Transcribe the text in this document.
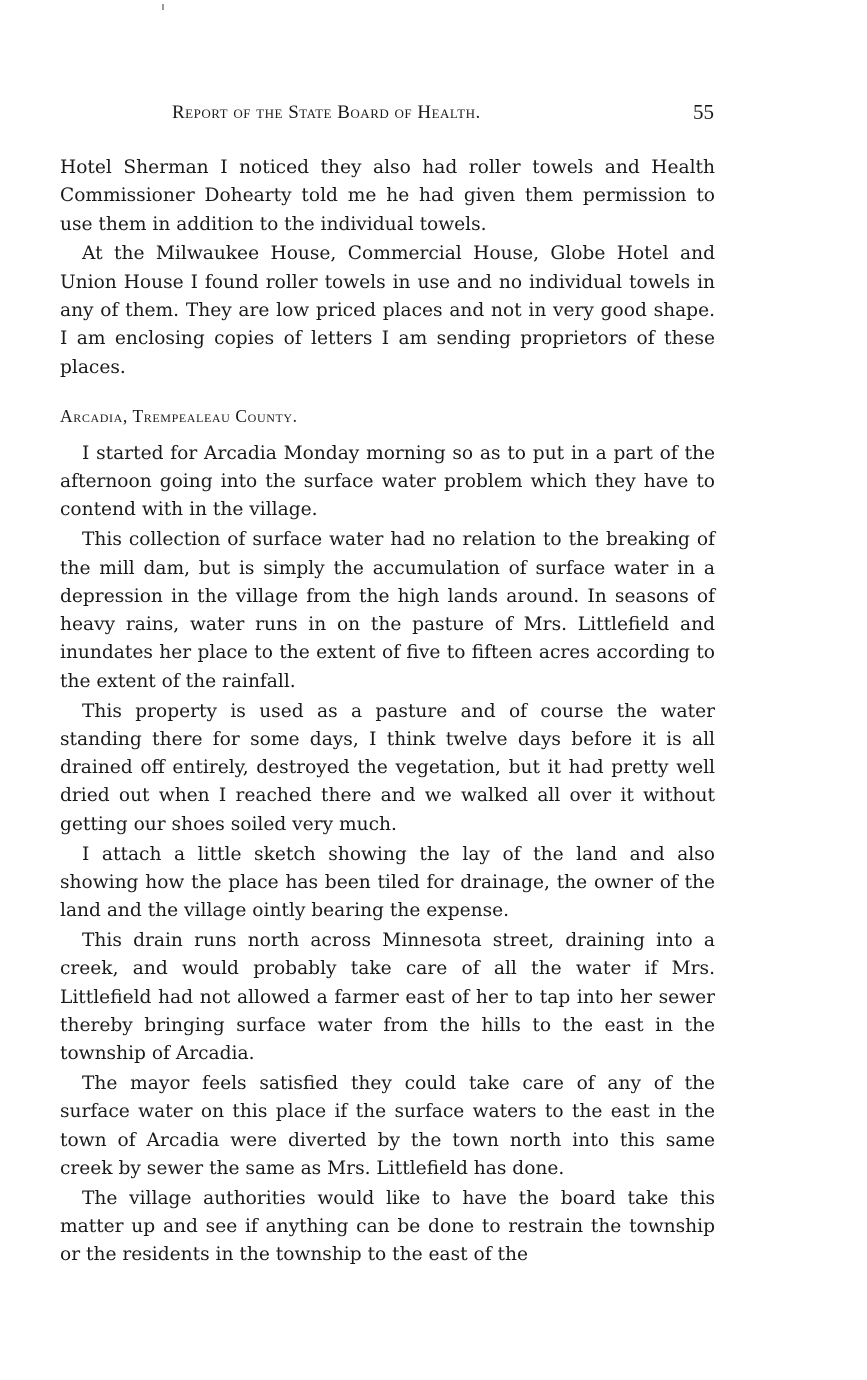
Report of the State Board of Health.	55

Hotel Sherman I noticed they also had roller towels and Health Commissioner Dohearty told me he had given them permission to use them in addition to the individual towels.

At the Milwaukee House, Commercial House, Globe Hotel and Union House I found roller towels in use and no individual towels in any of them. They are low priced places and not in very good shape. I am enclosing copies of letters I am sending proprietors of these places.

Arcadia, Trempealeau County.

I started for Arcadia Monday morning so as to put in a part of the afternoon going into the surface water problem which they have to contend with in the village.

This collection of surface water had no relation to the breaking of the mill dam, but is simply the accumulation of surface water in a depression in the village from the high lands around. In seasons of heavy rains, water runs in on the pasture of Mrs. Littlefield and inundates her place to the extent of five to fifteen acres according to the extent of the rainfall.

This property is used as a pasture and of course the water standing there for some days, I think twelve days before it is all drained off entirely, destroyed the vegetation, but it had pretty well dried out when I reached there and we walked all over it without getting our shoes soiled very much.

I attach a little sketch showing the lay of the land and also showing how the place has been tiled for drainage, the owner of the land and the village ointly bearing the expense.

This drain runs north across Minnesota street, draining into a creek, and would probably take care of all the water if Mrs. Littlefield had not allowed a farmer east of her to tap into her sewer thereby bringing surface water from the hills to the east in the township of Arcadia.

The mayor feels satisfied they could take care of any of the surface water on this place if the surface waters to the east in the town of Arcadia were diverted by the town north into this same creek by sewer the same as Mrs. Littlefield has done.

The village authorities would like to have the board take this matter up and see if anything can be done to restrain the township or the residents in the township to the east of the
